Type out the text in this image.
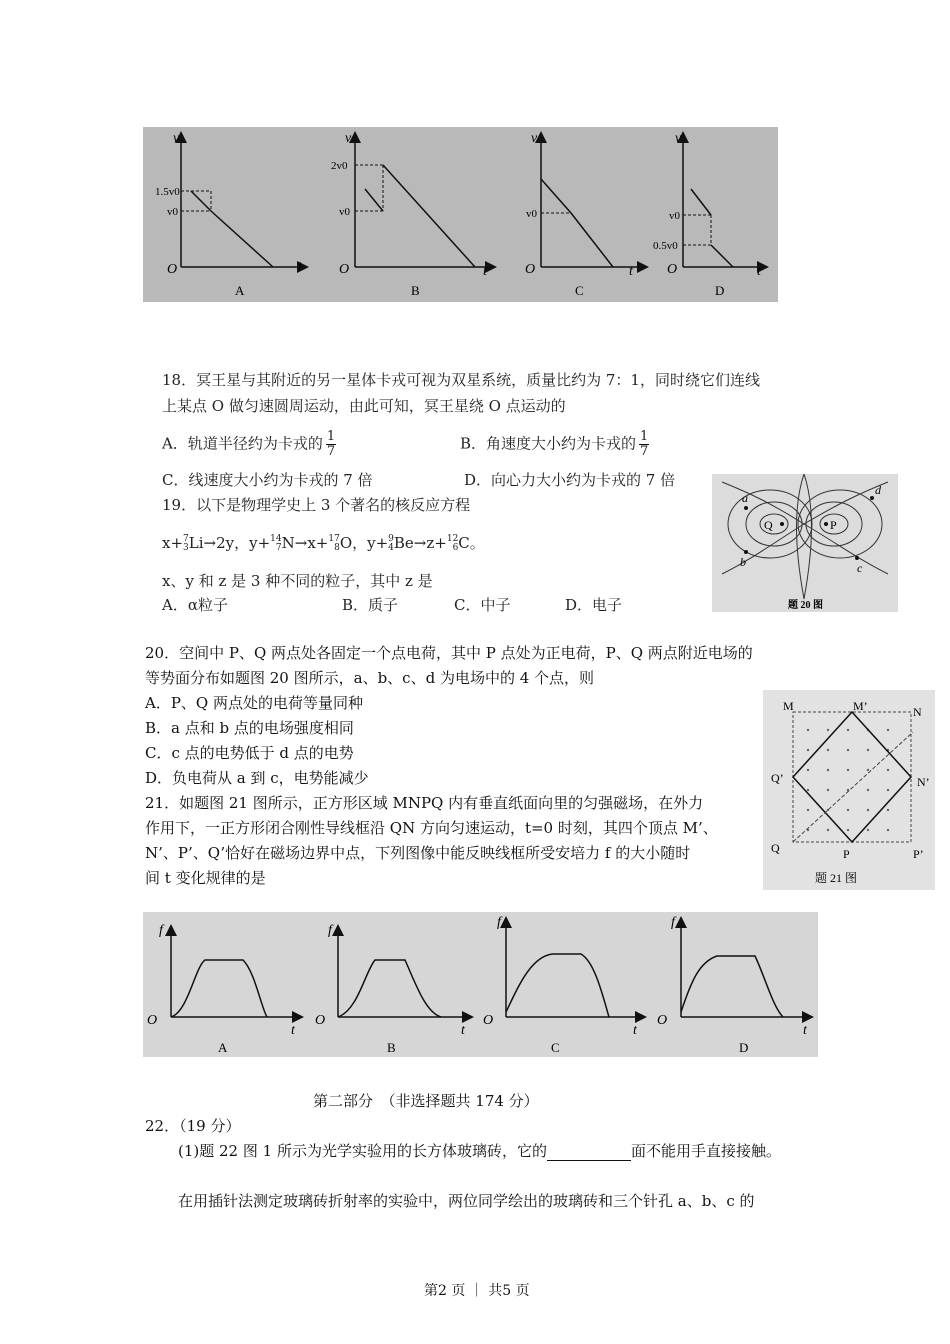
v
t
O
1.5v0
v0
A
v
t
O
2v0
v0
B
v
t
O
v0
C
v
t
O
v0
0.5v0
D
18．冥王星与其附近的另一星体卡戎可视为双星系统，质量比约为 7：1，同时绕它们连线
上某点 O 做匀速圆周运动，由此可知，冥王星绕 O 点运动的
A．轨道半径约为卡戎的 $\frac{1}{7}$	B．角速度大小约为卡戎的 $\frac{1}{7}$
C．线速度大小约为卡戎的 7 倍	D．向心力大小约为卡戎的 7 倍
19．以下是物理学史上 3 个著名的核反应方程
x+ 7
3 Li→2y，y+ 14
7 N→x+ 17
8 O，y+ 9
4 Be→z+ 12
6 C。
x、y 和 z 是 3 种不同的粒子，其中 z 是
A．α粒子	B．质子	C．中子	D．电子
Q	P
a
b	c
d
题 20 图
20．空间中 P、Q 两点处各固定一个点电荷，其中 P 点处为正电荷，P、Q 两点附近电场的
等势面分布如题图 20 图所示，a、b、c、d 为电场中的 4 个点，则
A．P、Q 两点处的电荷等量同种
B．a 点和 b 点的电场强度相同
C．c 点的电势低于 d 点的电势
D．负电荷从 a 到 c，电势能减少
M	M’	N
N’
Q’
Q	P	P’
题 21 图
21．如题图 21 图所示，正方形区域 MNPQ 内有垂直纸面向里的匀强磁场，在外力
作用下，一正方形闭合刚性导线框沿 QN 方向匀速运动，t=0 时刻，其四个顶点 M’、
N’、P’、Q’恰好在磁场边界中点，下列图像中能反映线框所受安培力 f 的大小随时
间 t 变化规律的是
f
t
O
A
f
t
O
B
f
t
O
C
f
t
O
D
第二部分　（非选择题共 174 分）
22．（19 分）
(1)题 22 图 1 所示为光学实验用的长方体玻璃砖，它的	面不能用手直接接触。
在用插针法测定玻璃砖折射率的实验中，两位同学绘出的玻璃砖和三个针孔 a、b、c 的
第2 页 ｜ 共5 页
